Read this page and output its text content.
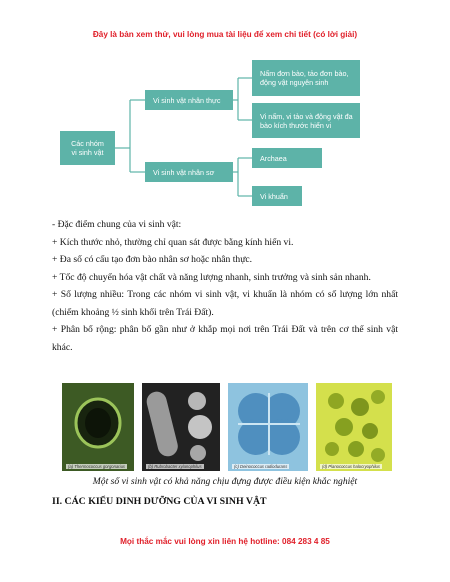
Đây là bản xem thử, vui lòng mua tài liệu để xem chi tiết (có lời giải)
Các nhóm
vi sinh vật
Vi sinh vật nhân thực
Vi sinh vật nhân sơ
Nấm đơn bào, tảo đơn bào,
động vật nguyên sinh
Vi nấm, vi tảo và động vật đa
bào kích thước hiển vi
Archaea
Vi khuẩn

- Đặc điểm chung của vi sinh vật:

+ Kích thước nhỏ, thường chỉ quan sát được bằng kính hiển vi.

+ Đa số có cấu tạo đơn bào nhân sơ hoặc nhân thực.

+ Tốc độ chuyển hóa vật chất và năng lượng nhanh, sinh trưởng và sinh sản nhanh.

+ Số lượng nhiều: Trong các nhóm vi sinh vật, vi khuẩn là nhóm có số lượng lớn nhất (chiếm khoảng ½ sinh khối trên Trái Đất).

+ Phân bố rộng: phân bố gần như ở khắp mọi nơi trên Trái Đất và trên cơ thể sinh vật khác.

(a) Thermococcus gorgonarius	(b) Rubrobacter xylanophilus	(c) Deinococcus radiodurans	(d) Planococcus halocryophilus
Một số vi sinh vật có khả năng chịu đựng được điều kiện khắc nghiệt
II. CÁC KIỂU DINH DƯỠNG CỦA VI SINH VẬT
Mọi thắc mắc vui lòng xin liên hệ hotline: 084 283 4 85
